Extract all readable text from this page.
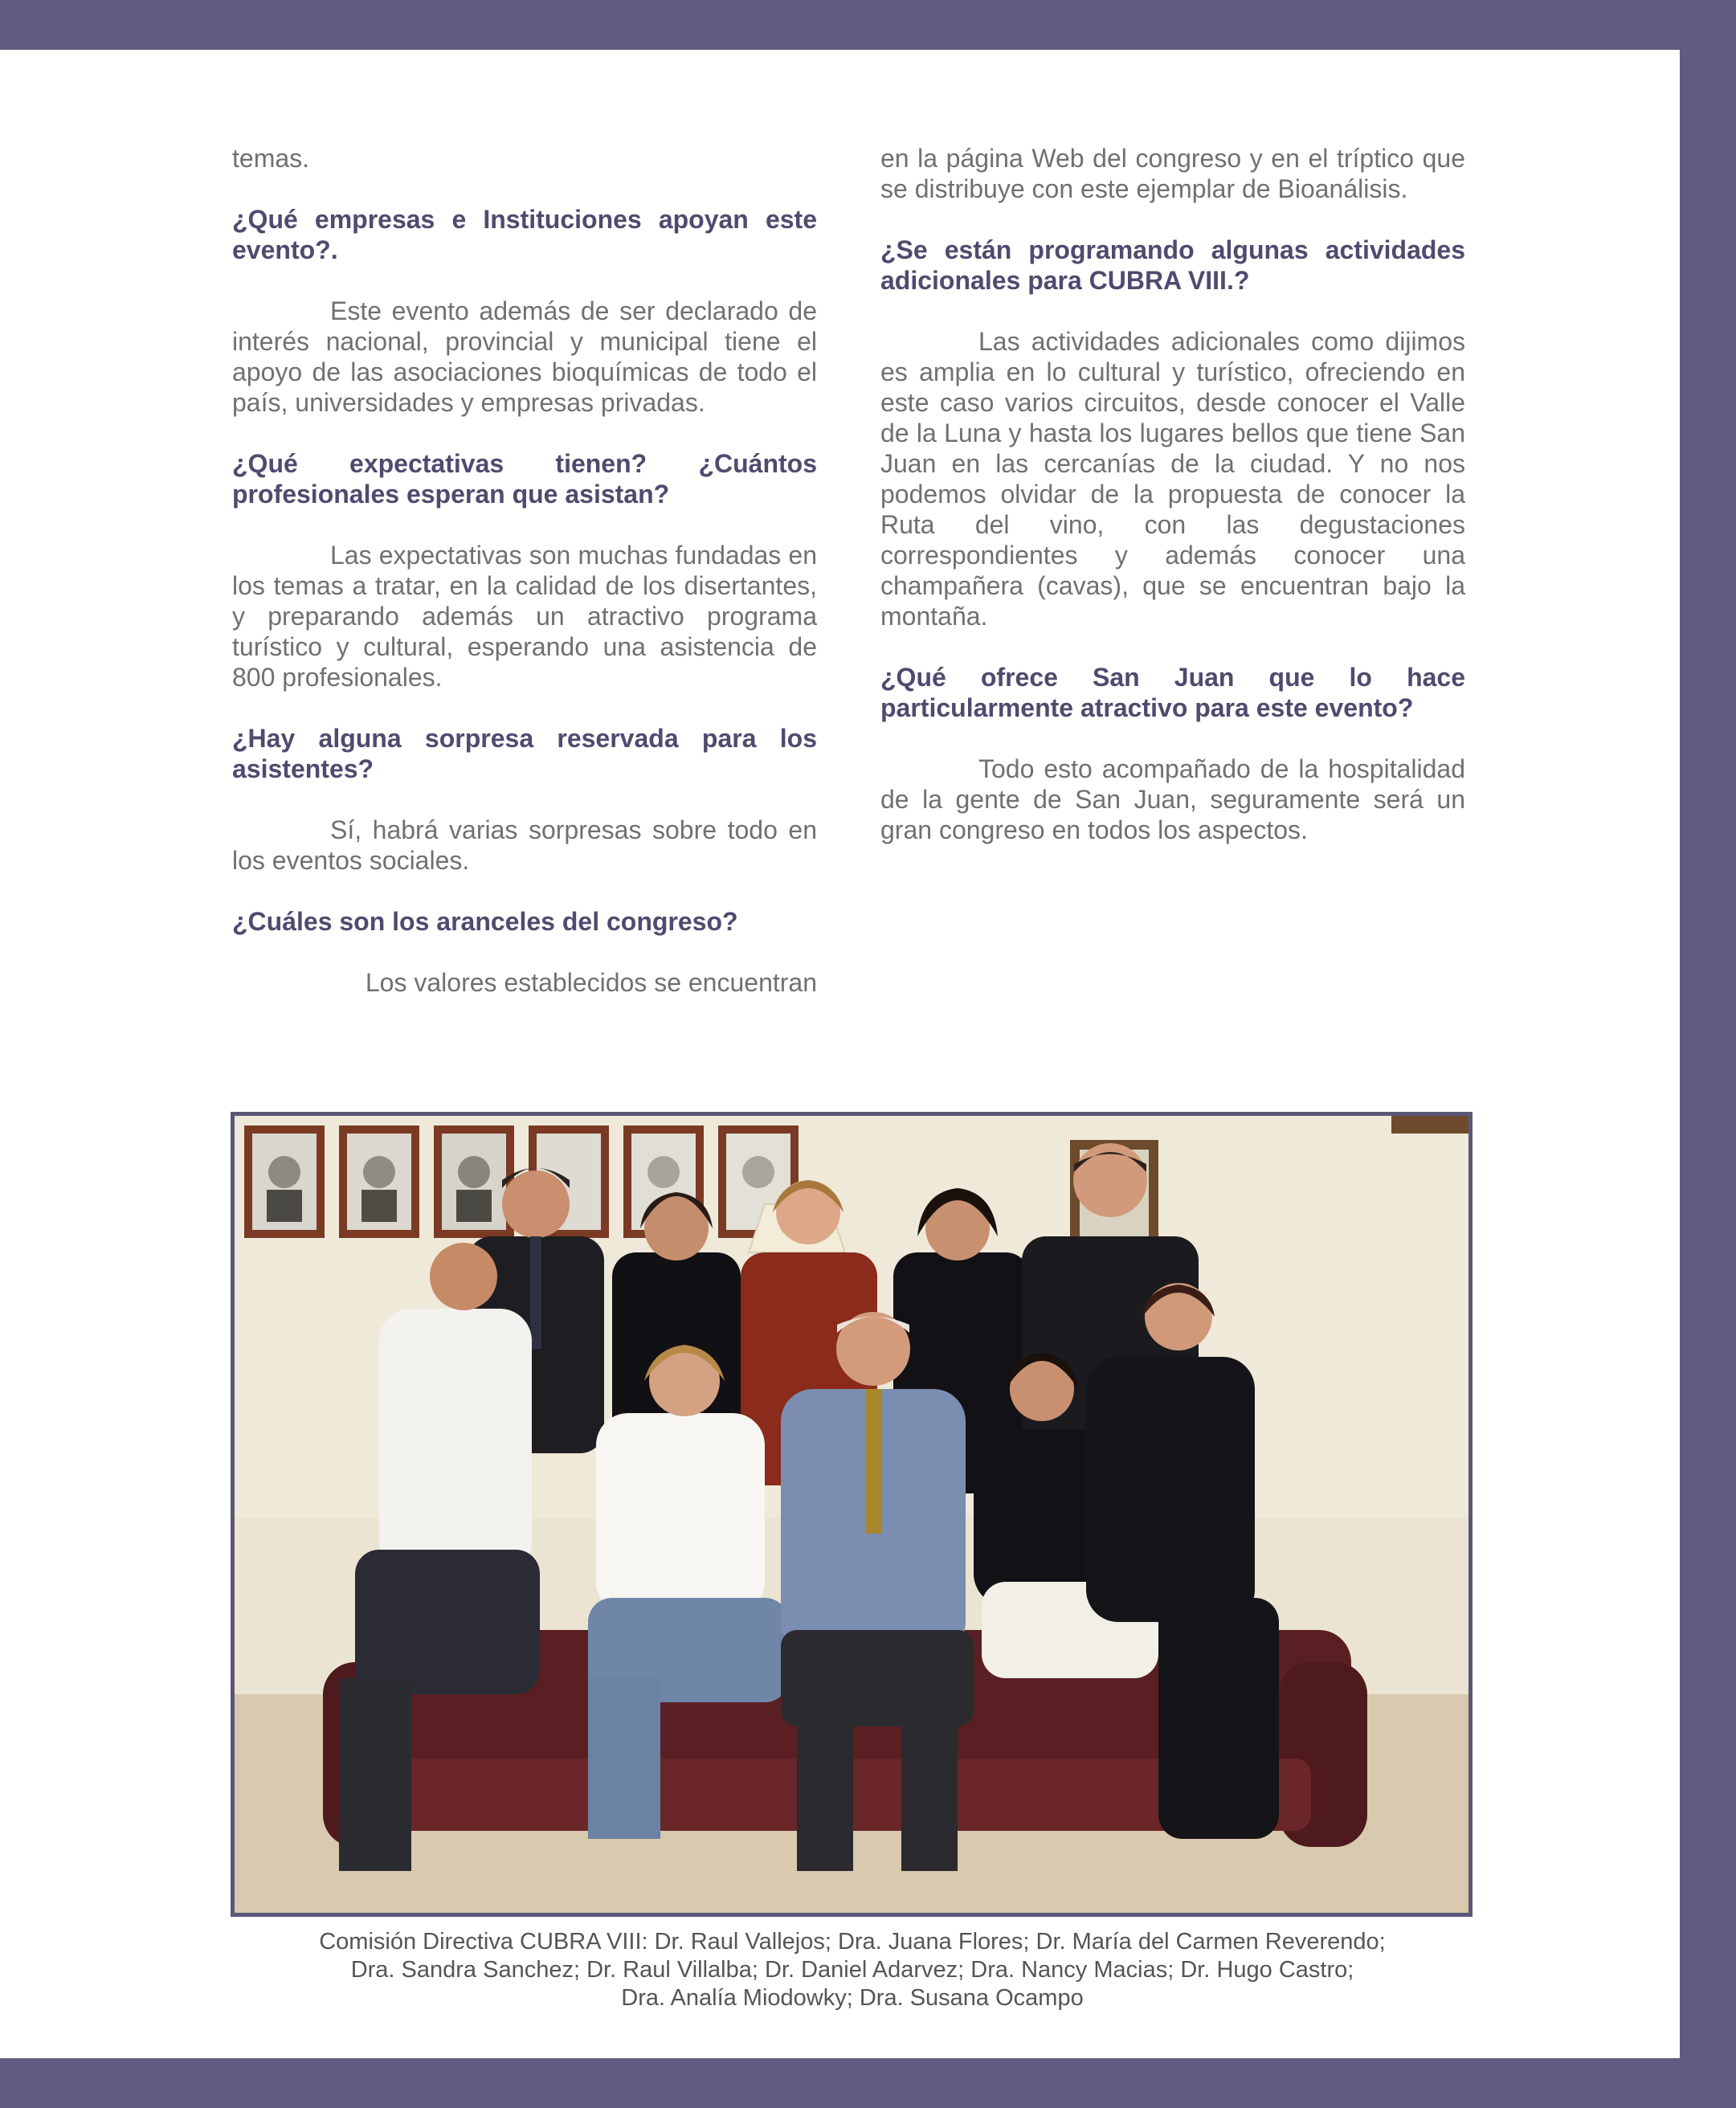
temas.
¿Qué empresas e Instituciones apoyan este evento?.
Este evento además de ser declarado de interés nacional, provincial y municipal tiene el apoyo de las asociaciones bioquímicas de todo el país, universidades y empresas privadas.
¿Qué expectativas tienen? ¿Cuántos profesionales esperan que asistan?
Las expectativas son muchas fundadas en los temas a tratar, en la calidad de los disertantes, y preparando además un atractivo programa turístico y cultural, esperando una asistencia de 800 profesionales.
¿Hay alguna sorpresa reservada para los asistentes?
Sí, habrá varias sorpresas sobre todo en los eventos sociales.
¿Cuáles son los aranceles del congreso?
Los valores establecidos se encuentran
en la página Web del congreso y en el tríptico que se distribuye con este ejemplar de Bioanálisis.
¿Se están programando algunas actividades adicionales para CUBRA VIII.?
Las actividades adicionales como dijimos es amplia en lo cultural y turístico, ofreciendo en este caso varios circuitos, desde conocer el Valle de la Luna y hasta los lugares bellos que tiene San Juan en las cercanías de la ciudad. Y no nos podemos olvidar de la propuesta de conocer la Ruta del vino, con las degustaciones correspondientes y además conocer una champañera (cavas), que se encuentran bajo la montaña.
¿Qué ofrece San Juan que lo hace particularmente atractivo para este evento?
Todo esto acompañado de la hospitalidad de la gente de San Juan, seguramente será un gran congreso en todos los aspectos.
Comisión Directiva CUBRA VIII: Dr. Raul Vallejos; Dra. Juana Flores; Dr. María del Carmen Reverendo;
Dra. Sandra Sanchez; Dr. Raul Villalba; Dr. Daniel Adarvez; Dra. Nancy Macias; Dr. Hugo Castro;
Dra. Analía Miodowky; Dra. Susana Ocampo
